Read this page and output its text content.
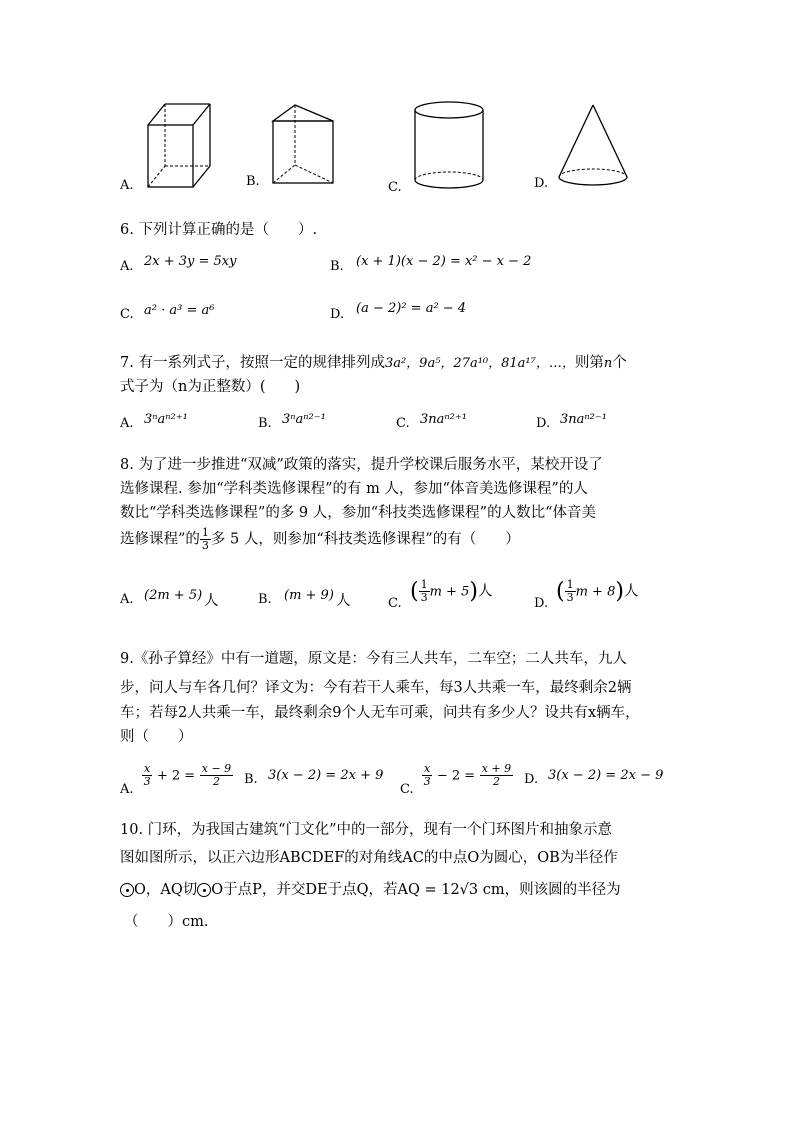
A.	B.	C.	D.
6. 下列计算正确的是（　　）.
A. 2x + 3y = 5xy	B. (x + 1)(x − 2) = x² − x − 2
C. a² · a³ = a⁶	D. (a − 2)² = a² − 4
7. 有一系列式子，按照一定的规律排列成3a²，9a⁵，27a¹⁰，81a¹⁷，…，则第n个
式子为（n为正整数）(　　)
A. 3ⁿaⁿ²⁺¹	B. 3ⁿaⁿ²⁻¹	C. 3naⁿ²⁺¹	D. 3naⁿ²⁻¹
8. 为了进一步推进“双减”政策的落实，提升学校课后服务水平，某校开设了
选修课程. 参加“学科类选修课程”的有 m 人，参加“体音美选修课程”的人
数比“学科类选修课程”的多 9 人，参加“科技类选修课程”的人数比“体音美
选修课程”的 $\frac{1}{3}$ 多 5 人，则参加“科技类选修课程”的有（　　）
A. (2m + 5) 人	B. (m + 9) 人	C. ( $\frac{1}{3}$ m + 5)人
D. ( $\frac{1}{3}$ m + 8)人
9.《孙子算经》中有一道题，原文是：今有三人共车，二车空；二人共车，九人
步，问人与车各几何？译文为：今有若干人乘车，每3人共乘一车，最终剩余2辆
车；若每2人共乘一车，最终剩余9个人无车可乘，问共有多少人？设共有x辆车，
则（　　）
A.
$\frac{x}{3} + 2 = \frac{x - 9}{2} B$. 3(x − 2) = 2x + 9
C.
$\frac{x}{3} - 2 = \frac{x + 9}{2} D$. 3(x − 2) = 2x − 9
10. 门环，为我国古建筑“门文化”中的一部分，现有一个门环图片和抽象示意
图如图所示，以正六边形ABCDEF的对角线AC的中点O为圆心，OB为半径作
O，AQ切 O于点P，并交DE于点Q，若AQ = 12√3 cm，则该圆的半径为
（　　）cm.
